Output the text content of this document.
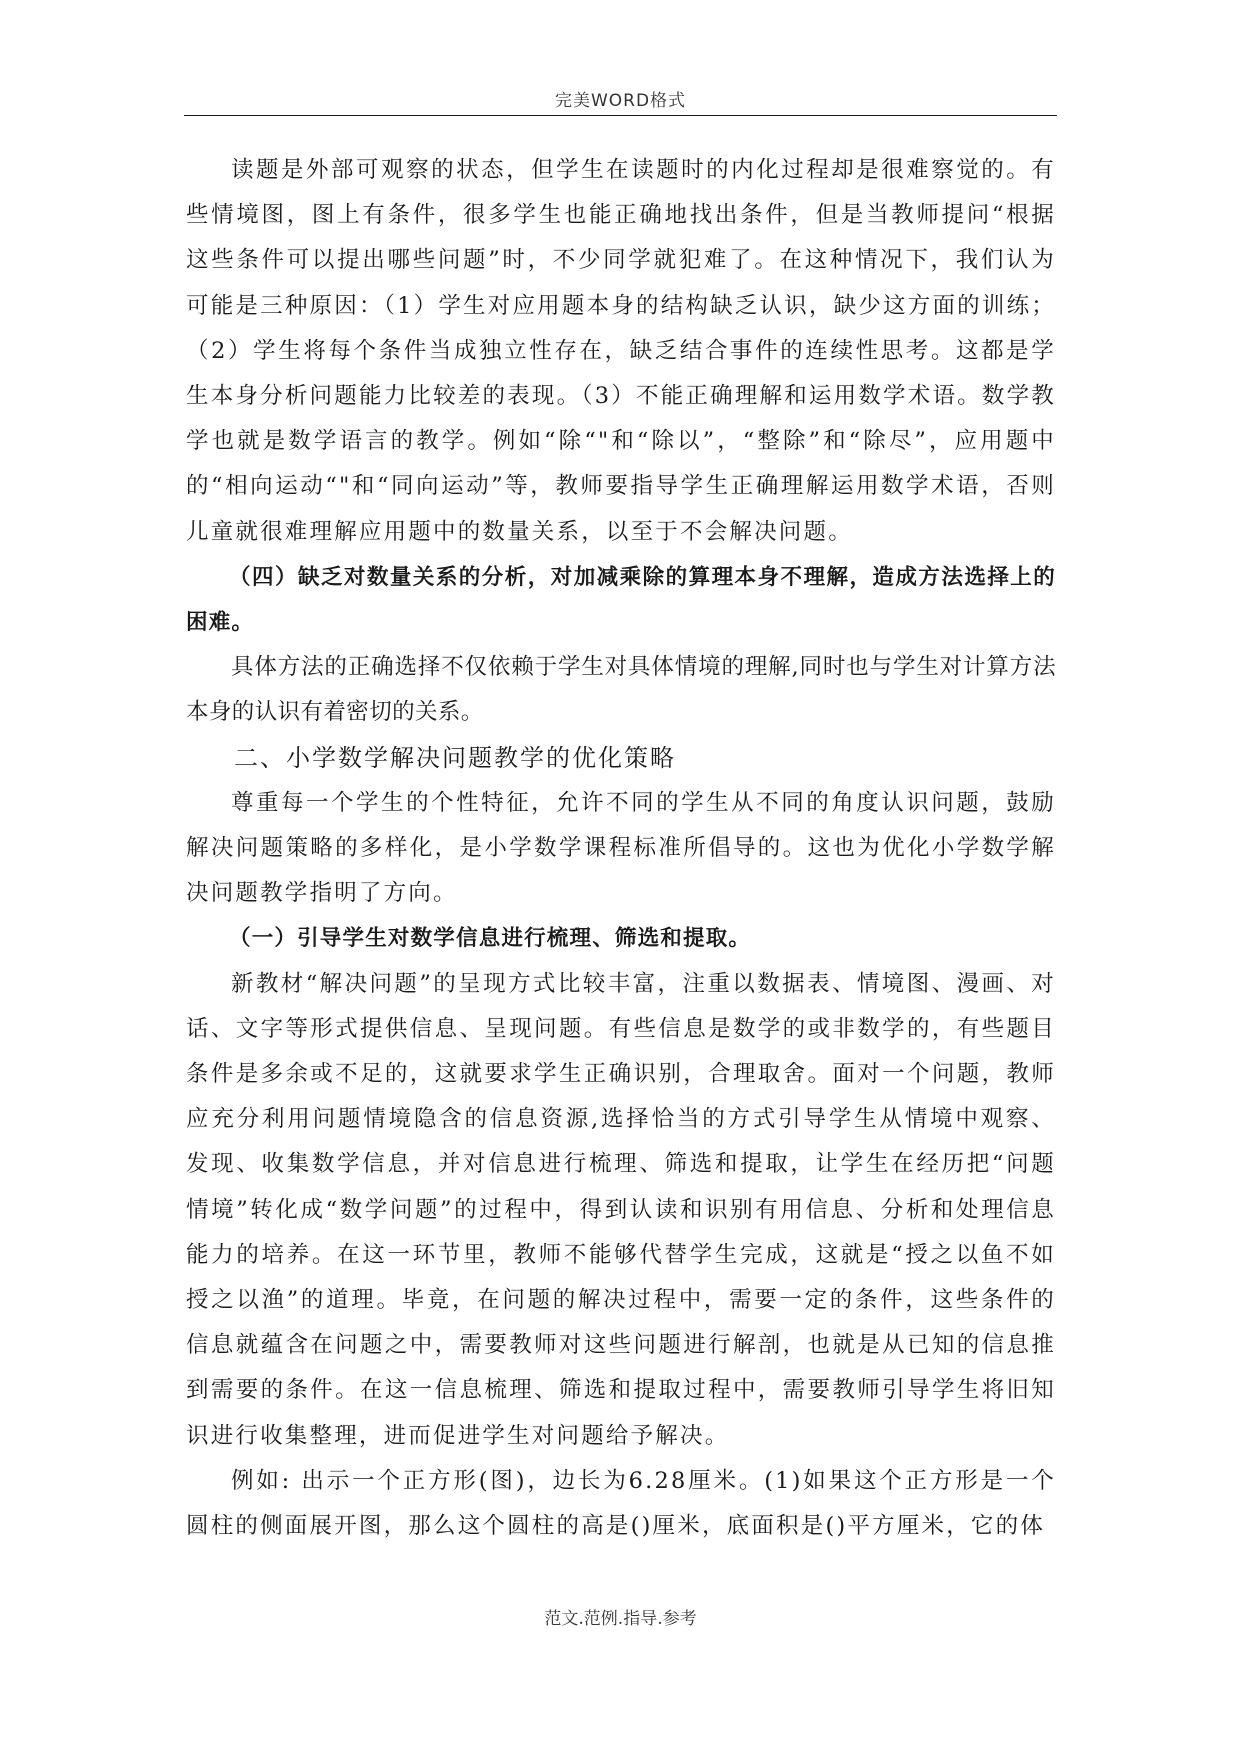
完美WORD格式

读题是外部可观察的状态，但学生在读题时的内化过程却是很难察觉的。有些情境图，图上有条件，很多学生也能正确地找出条件，但是当教师提问“根据这些条件可以提出哪些问题”时，不少同学就犯难了。在这种情况下，我们认为可能是三种原因：（1）学生对应用题本身的结构缺乏认识，缺少这方面的训练；（2）学生将每个条件当成独立性存在，缺乏结合事件的连续性思考。这都是学生本身分析问题能力比较差的表现。（3）不能正确理解和运用数学术语。数学教学也就是数学语言的教学。例如“除“"和“除以”，“整除”和“除尽”，应用题中的“相向运动“"和“同向运动”等，教师要指导学生正确理解运用数学术语，否则儿童就很难理解应用题中的数量关系，以至于不会解决问题。

（四）缺乏对数量关系的分析，对加减乘除的算理本身不理解，造成方法选择上的困难。

具体方法的正确选择不仅依赖于学生对具体情境的理解,同时也与学生对计算方法本身的认识有着密切的关系。

二、小学数学解决问题教学的优化策略

尊重每一个学生的个性特征，允许不同的学生从不同的角度认识问题，鼓励解决问题策略的多样化，是小学数学课程标准所倡导的。这也为优化小学数学解决问题教学指明了方向。

（一）引导学生对数学信息进行梳理、筛选和提取。

新教材“解决问题”的呈现方式比较丰富，注重以数据表、情境图、漫画、对话、文字等形式提供信息、呈现问题。有些信息是数学的或非数学的，有些题目条件是多余或不足的，这就要求学生正确识别，合理取舍。面对一个问题，教师应充分利用问题情境隐含的信息资源,选择恰当的方式引导学生从情境中观察、发现、收集数学信息，并对信息进行梳理、筛选和提取，让学生在经历把“问题情境”转化成“数学问题”的过程中，得到认读和识别有用信息、分析和处理信息能力的培养。在这一环节里，教师不能够代替学生完成，这就是“授之以鱼不如授之以渔”的道理。毕竟，在问题的解决过程中，需要一定的条件，这些条件的信息就蕴含在问题之中，需要教师对这些问题进行解剖，也就是从已知的信息推到需要的条件。在这一信息梳理、筛选和提取过程中，需要教师引导学生将旧知识进行收集整理，进而促进学生对问题给予解决。

例如: 出示一个正方形(图)，边长为6.28厘米。(1)如果这个正方形是一个圆柱的侧面展开图，那么这个圆柱的高是()厘米，底面积是()平方厘米，它的体

范文.范例.指导.参考
